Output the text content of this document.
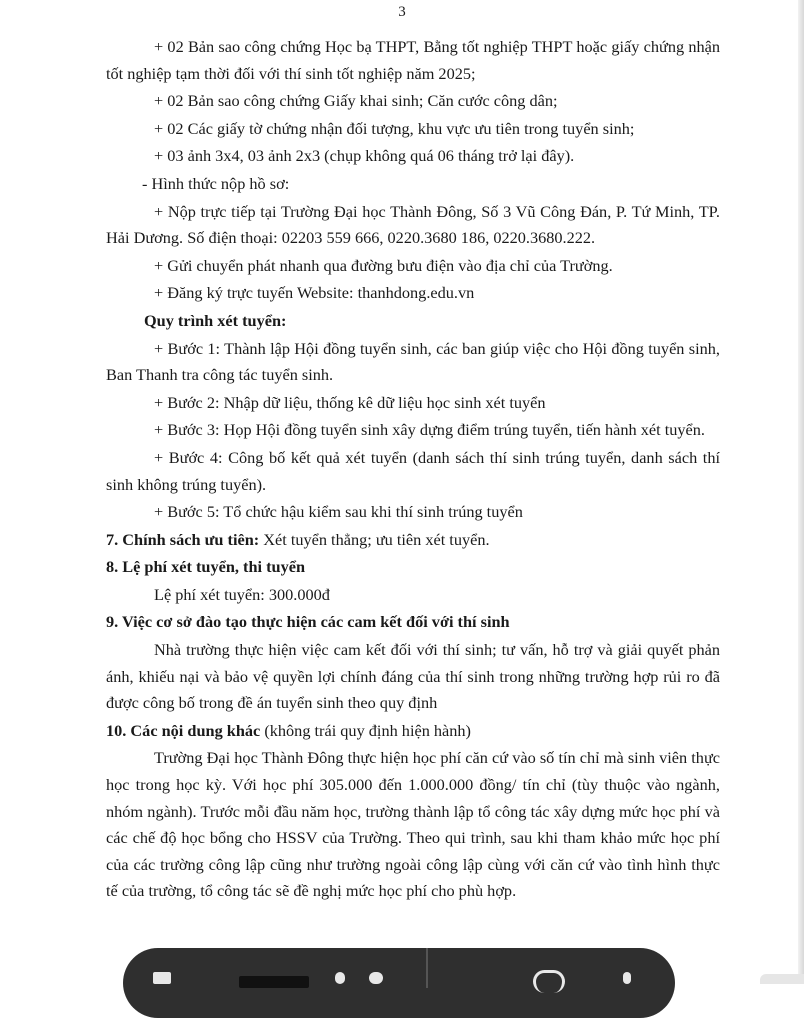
3

+ 02 Bản sao công chứng Học bạ THPT, Bằng tốt nghiệp THPT hoặc giấy chứng nhận tốt nghiệp tạm thời đối với thí sinh tốt nghiệp năm 2025;

+ 02 Bản sao công chứng Giấy khai sinh; Căn cước công dân;

+ 02 Các giấy tờ chứng nhận đối tượng, khu vực ưu tiên trong tuyển sinh;

+ 03 ảnh 3x4, 03 ảnh 2x3 (chụp không quá 06 tháng trở lại đây).

- Hình thức nộp hồ sơ:

+ Nộp trực tiếp tại Trường Đại học Thành Đông, Số 3 Vũ Công Đán, P. Tứ Minh, TP. Hải Dương. Số điện thoại: 02203 559 666, 0220.3680 186, 0220.3680.222.

+ Gửi chuyển phát nhanh qua đường bưu điện vào địa chỉ của Trường.

+ Đăng ký trực tuyến Website: thanhdong.edu.vn

Quy trình xét tuyển:

+ Bước 1: Thành lập Hội đồng tuyển sinh, các ban giúp việc cho Hội đồng tuyển sinh, Ban Thanh tra công tác tuyển sinh.

+ Bước 2: Nhập dữ liệu, thống kê dữ liệu học sinh xét tuyển

+ Bước 3: Họp Hội đồng tuyển sinh xây dựng điểm trúng tuyển, tiến hành xét tuyển.

+ Bước 4: Công bố kết quả xét tuyển (danh sách thí sinh trúng tuyển, danh sách thí sinh không trúng tuyển).

+ Bước 5: Tổ chức hậu kiểm sau khi thí sinh trúng tuyển

7. Chính sách ưu tiên: Xét tuyển thẳng; ưu tiên xét tuyển.

8. Lệ phí xét tuyển, thi tuyển

Lệ phí xét tuyển: 300.000đ

9. Việc cơ sở đào tạo thực hiện các cam kết đối với thí sinh

Nhà trường thực hiện việc cam kết đối với thí sinh; tư vấn, hỗ trợ và giải quyết phản ánh, khiếu nại và bảo vệ quyền lợi chính đáng của thí sinh trong những trường hợp rủi ro đã được công bố trong đề án tuyển sinh theo quy định

10. Các nội dung khác (không trái quy định hiện hành)

Trường Đại học Thành Đông thực hiện học phí căn cứ vào số tín chỉ mà sinh viên thực học trong học kỳ. Với học phí 305.000 đến 1.000.000 đồng/ tín chỉ (tùy thuộc vào ngành, nhóm ngành). Trước mỗi đầu năm học, trường thành lập tổ công tác xây dựng mức học phí và các chế độ học bổng cho HSSV của Trường. Theo qui trình, sau khi tham khảo mức học phí của các trường công lập cũng như trường ngoài công lập cùng với căn cứ vào tình hình thực tế của trường, tổ công tác sẽ đề nghị mức học phí cho phù hợp.
